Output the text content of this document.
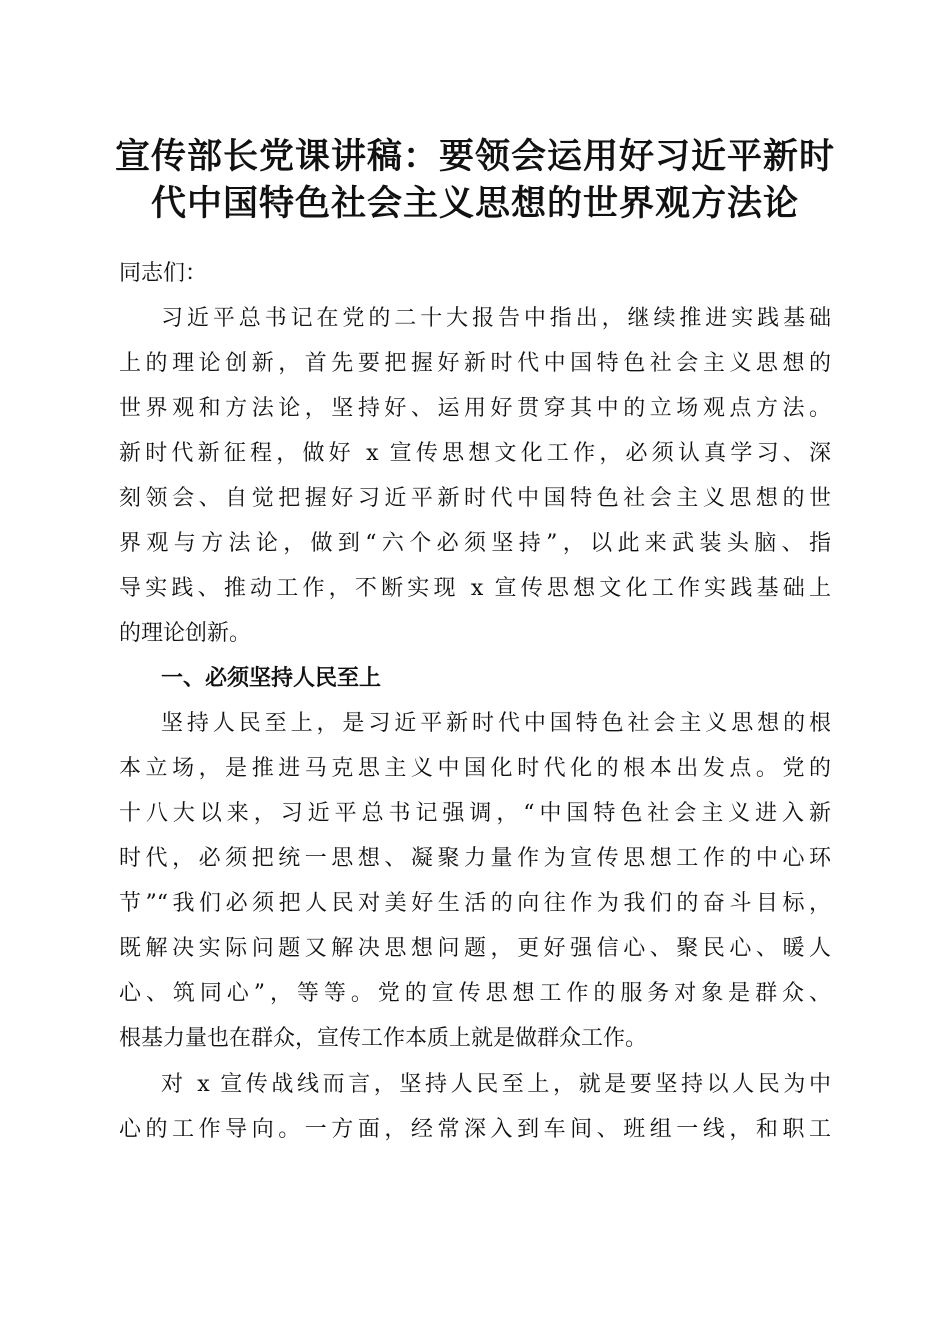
宣传部长党课讲稿：要领会运用好习近平新时
代中国特色社会主义思想的世界观方法论
同志们：
习近平总书记在党的二十大报告中指出，继续推进实践基础
上的理论创新，首先要把握好新时代中国特色社会主义思想的
世界观和方法论，坚持好、运用好贯穿其中的立场观点方法。
新时代新征程，做好 x 宣传思想文化工作，必须认真学习、深
刻领会、自觉把握好习近平新时代中国特色社会主义思想的世
界观与方法论，做到“六个必须坚持”，以此来武装头脑、指
导实践、推动工作，不断实现 x 宣传思想文化工作实践基础上
的理论创新。
一、必须坚持人民至上
坚持人民至上，是习近平新时代中国特色社会主义思想的根
本立场，是推进马克思主义中国化时代化的根本出发点。党的
十八大以来，习近平总书记强调，“中国特色社会主义进入新
时代，必须把统一思想、凝聚力量作为宣传思想工作的中心环
节”“我们必须把人民对美好生活的向往作为我们的奋斗目标，
既解决实际问题又解决思想问题，更好强信心、聚民心、暖人
心、筑同心”，等等。党的宣传思想工作的服务对象是群众、
根基力量也在群众，宣传工作本质上就是做群众工作。
对 x 宣传战线而言，坚持人民至上，就是要坚持以人民为中
心的工作导向。一方面，经常深入到车间、班组一线，和职工
